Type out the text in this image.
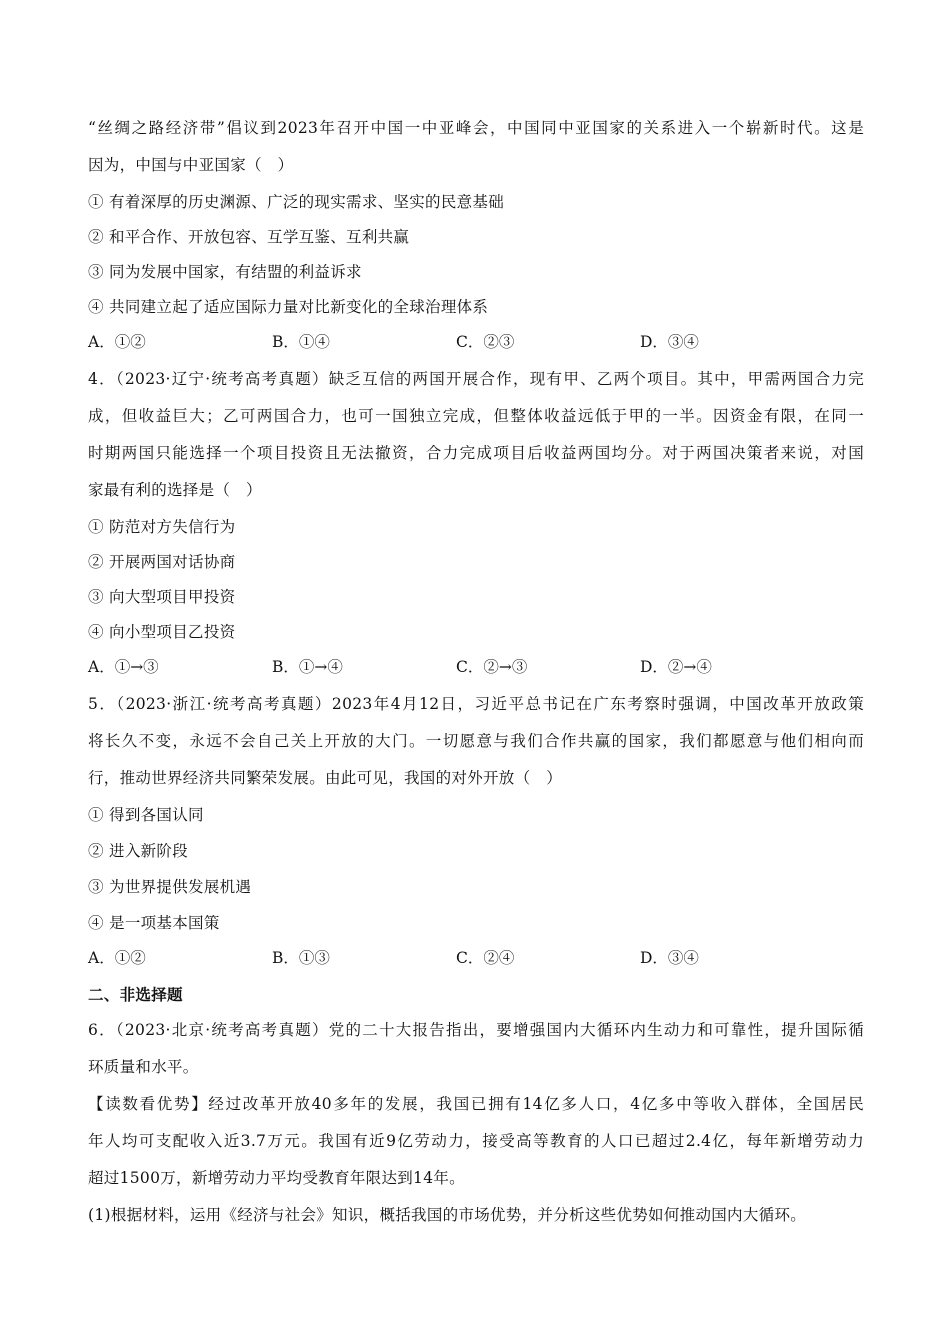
“丝绸之路经济带”倡议到2023年召开中国一中亚峰会，中国同中亚国家的关系进入一个崭新时代。这是
因为，中国与中亚国家（　）
① 有着深厚的历史渊源、广泛的现实需求、坚实的民意基础
② 和平合作、开放包容、互学互鉴、互利共赢
③ 同为发展中国家，有结盟的利益诉求
④ 共同建立起了适应国际力量对比新变化的全球治理体系
A．①②	B．①④	C．②③	D．③④
4．（2023·辽宁·统考高考真题）缺乏互信的两国开展合作，现有甲、乙两个项目。其中，甲需两国合力完
成，但收益巨大；乙可两国合力，也可一国独立完成，但整体收益远低于甲的一半。因资金有限，在同一
时期两国只能选择一个项目投资且无法撤资，合力完成项目后收益两国均分。对于两国决策者来说，对国
家最有利的选择是（　）
① 防范对方失信行为
② 开展两国对话协商
③ 向大型项目甲投资
④ 向小型项目乙投资
A．①→③	B．①→④	C．②→③	D．②→④
5．（2023·浙江·统考高考真题）2023年4月12日，习近平总书记在广东考察时强调，中国改革开放政策
将长久不变，永远不会自己关上开放的大门。一切愿意与我们合作共赢的国家，我们都愿意与他们相向而
行，推动世界经济共同繁荣发展。由此可见，我国的对外开放（　）
① 得到各国认同
② 进入新阶段
③ 为世界提供发展机遇
④ 是一项基本国策
A．①②	B．①③	C．②④	D．③④
二、非选择题
6．（2023·北京·统考高考真题）党的二十大报告指出，要增强国内大循环内生动力和可靠性，提升国际循
环质量和水平。
【读数看优势】经过改革开放40多年的发展，我国已拥有14亿多人口，4亿多中等收入群体，全国居民
年人均可支配收入近3.7万元。我国有近9亿劳动力，接受高等教育的人口已超过2.4亿，每年新增劳动力
超过1500万，新增劳动力平均受教育年限达到14年。
(1)根据材料，运用《经济与社会》知识，概括我国的市场优势，并分析这些优势如何推动国内大循环。
